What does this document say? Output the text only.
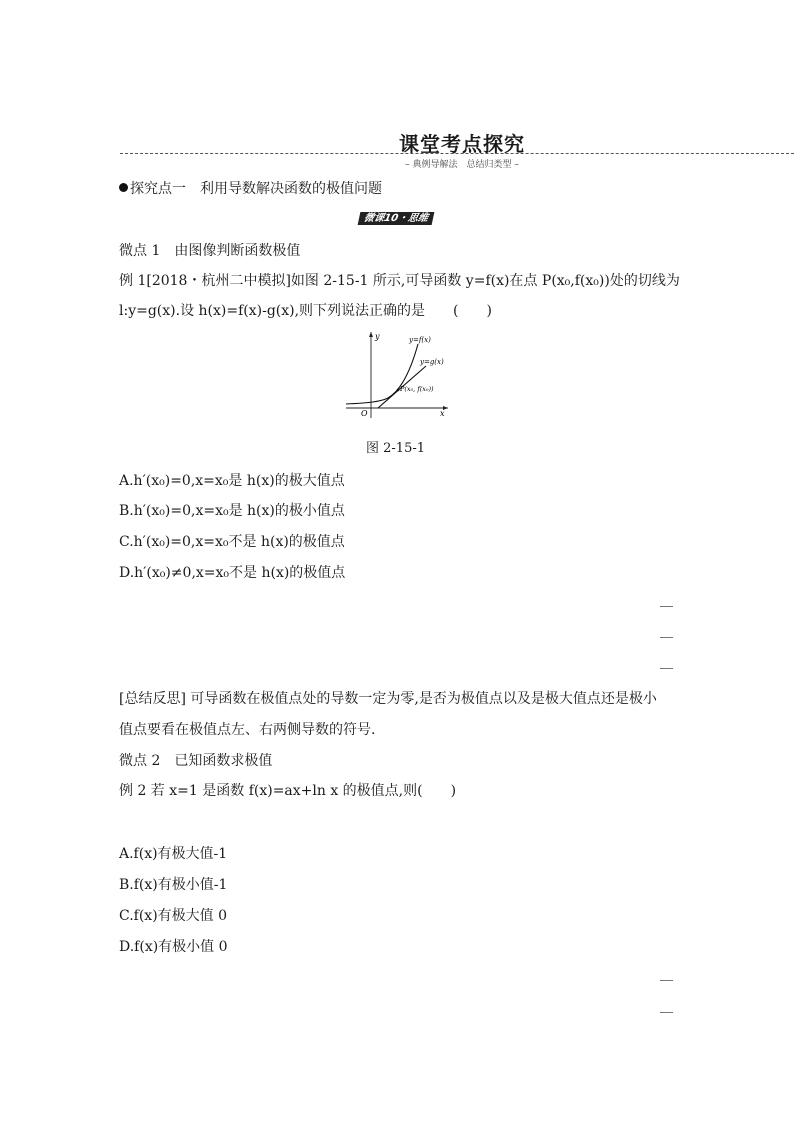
课堂考点探究
– 典例导解法　总结归类型 –
探究点一　利用导数解决函数的极值问题
微课10・思维
微点 1　由图像判断函数极值
例 1[2018・杭州二中模拟]如图 2-15-1 所示,可导函数 y=f(x)在点 P(x₀,f(x₀))处的切线为
l:y=g(x).设 h(x)=f(x)-g(x),则下列说法正确的是　　(　　)
y
x
O
y=f(x)
y=g(x)
P(x₀, f(x₀))
图 2-15-1
A.h′(x₀)=0,x=x₀是 h(x)的极大值点
B.h′(x₀)=0,x=x₀是 h(x)的极小值点
C.h′(x₀)=0,x=x₀不是 h(x)的极值点
D.h′(x₀)≠0,x=x₀不是 h(x)的极值点
[总结反思] 可导函数在极值点处的导数一定为零,是否为极值点以及是极大值点还是极小
值点要看在极值点左、右两侧导数的符号.
微点 2　已知函数求极值
例 2 若 x=1 是函数 f(x)=ax+ln x 的极值点,则(　　)
A.f(x)有极大值-1
B.f(x)有极小值-1
C.f(x)有极大值 0
D.f(x)有极小值 0
